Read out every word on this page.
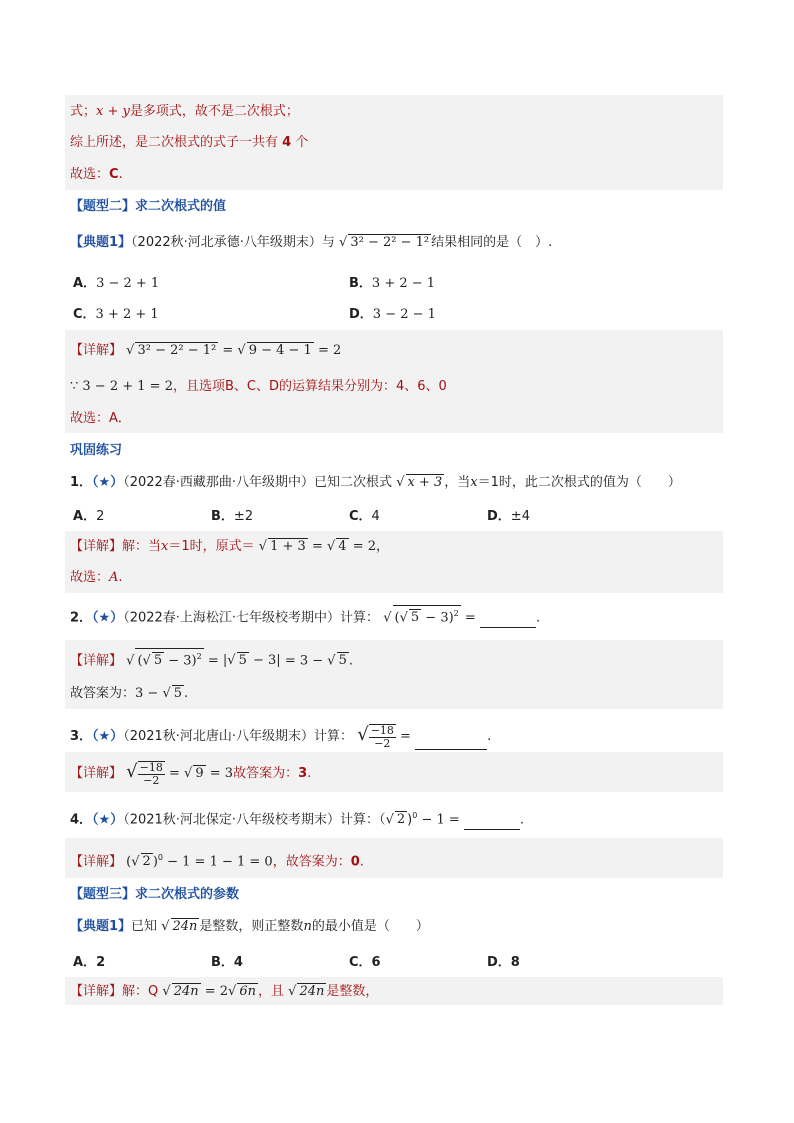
式；x + y是多项式，故不是二次根式；
综上所述，是二次根式的式子一共有 4 个
故选：C.
【题型二】求二次根式的值
【典题1】（2022秋·河北承德·八年级期末）与 √ 3² − 2² − 1² 结果相同的是（　）.
A．3 − 2 + 1	B．3 + 2 − 1
C．3 + 2 + 1	D．3 − 2 − 1
【详解】 √ 3² − 2² − 1² = √ 9 − 4 − 1 = 2
∵ 3 − 2 + 1 = 2，且选项B、C、D的运算结果分别为：4、6、0
故选：A．
巩固练习
1．（★）（2022春·西藏那曲·八年级期中）已知二次根式 √ x + 3 ，当x＝1时，此二次根式的值为（　　）
A．2	B．±2	C．4	D．±4
【详解】解：当x＝1时，原式＝ √ 1 + 3 = √ 4 = 2，
故选：A.
2．（★）（2022春·上海松江·七年级校考期中）计算： √ (√ 5 − 3)$^2$ =	.
【详解】 √ (√ 5 − 3)$^2$ = |√ 5 − 3| = 3 − √ 5 .
故答案为：3 − √ 5 .
3．（★）（2021秋·河北唐山·八年级期末）计算： √ $\frac{-18}{-2}$ =	.
【详解】 √ $\frac{-18}{-2}$ = √ 9 = 3故答案为：3.
4．（★）（2021秋·河北保定·八年级校考期末）计算：（√ 2 )$^0$ − 1 =	.
【详解】 (√ 2 )$^0$ − 1 = 1 − 1 = 0，故答案为：0.
【题型三】求二次根式的参数
【典题1】已知 √ 24n 是整数，则正整数n的最小值是（　　）
A．2	B．4	C．6	D．8
【详解】解：Q √ 24n = 2√ 6n ，且 √ 24n 是整数，
